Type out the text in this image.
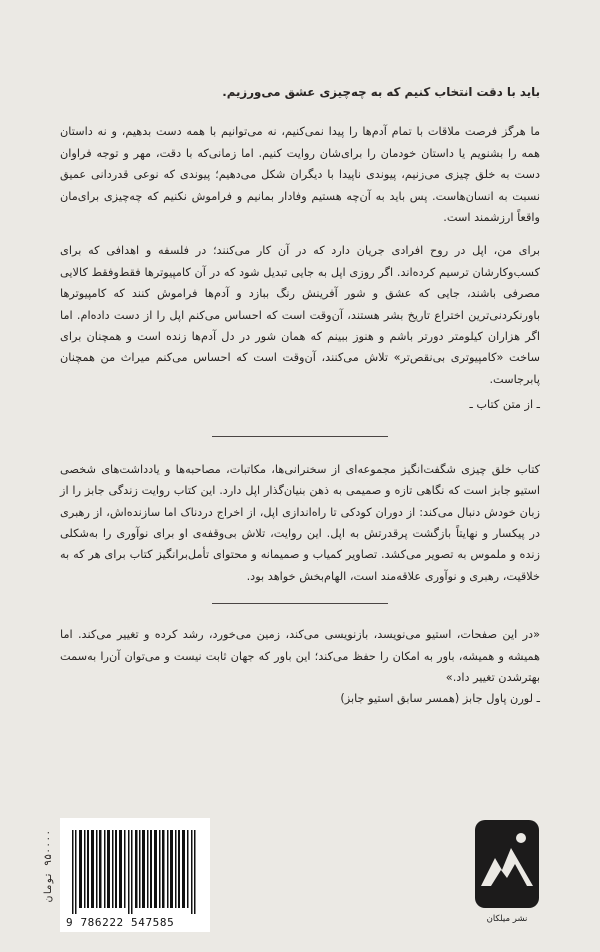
باید با دقت انتخاب کنیم که به چه‌چیزی عشق می‌ورزیم.

ما هرگز فرصت ملاقات با تمام آدم‌ها را پیدا نمی‌کنیم، نه می‌توانیم با همه دست بدهیم، و نه داستان همه را بشنویم یا داستان خودمان را برای‌شان روایت کنیم. اما زمانی‌که با دقت، مهر و توجه فراوان دست به خلق چیزی می‌زنیم، پیوندی ناپیدا با دیگران شکل می‌دهیم؛ پیوندی که نوعی قدردانی عمیق نسبت به انسان‌هاست. پس باید به آن‌چه هستیم وفادار بمانیم و فراموش نکنیم که چه‌چیزی برای‌مان واقعاً ارزشمند است.

برای من، اپل در روح افرادی جریان دارد که در آن کار می‌کنند؛ در فلسفه و اهدافی که برای کسب‌وکارشان ترسیم کرده‌اند. اگر روزی اپل به جایی تبدیل شود که در آن کامپیوترها فقط‌وفقط کالایی مصرفی باشند، جایی که عشق و شور آفرینش رنگ ببازد و آدم‌ها فراموش کنند که کامپیوترها باورنکردنی‌ترین اختراع تاریخ بشر هستند، آن‌وقت است که احساس می‌کنم اپل را از دست داده‌ام. اما اگر هزاران کیلومتر دورتر باشم و هنوز ببینم که همان شور در دل آدم‌ها زنده است و همچنان برای ساخت «کامپیوتری بی‌نقص‌تر» تلاش می‌کنند، آن‌وقت است که احساس می‌کنم میراث من همچنان پابرجاست.

ـ از متن کتاب ـ

کتاب خلق چیزی شگفت‌انگیز مجموعه‌ای از سخنرانی‌ها، مکاتبات، مصاحبه‌ها و یادداشت‌های شخصی استیو جابز است که نگاهی تازه و صمیمی به ذهن بنیان‌گذار اپل دارد. این کتاب روایت زندگی جابز را از زبان خودش دنبال می‌کند: از دوران کودکی تا راه‌اندازی اپل، از اخراج دردناک اما سازنده‌اش، از رهبری در پیکسار و نهایتاً بازگشت پرقدرتش به اپل. این روایت، تلاش بی‌وقفه‌ی او برای نوآوری را به‌شکلی زنده و ملموس به تصویر می‌کشد. تصاویر کمیاب و صمیمانه و محتوای تأمل‌برانگیز کتاب برای هر که به خلاقیت، رهبری و نوآوری علاقه‌مند است، الهام‌بخش خواهد بود.

«در این صفحات، استیو می‌نویسد، بازنویسی می‌کند، زمین می‌خورد، رشد کرده و تغییر می‌کند. اما همیشه و همیشه، باور به امکان را حفظ می‌کند؛ این باور که جهان ثابت نیست و می‌توان آن‌را به‌سمت بهترشدن تغییر داد.»

ـ لورن پاول جابز (همسر سابق استیو جابز)

۹۵۰۰۰۰ تومان
9 786222 547585	نشر میلکان
